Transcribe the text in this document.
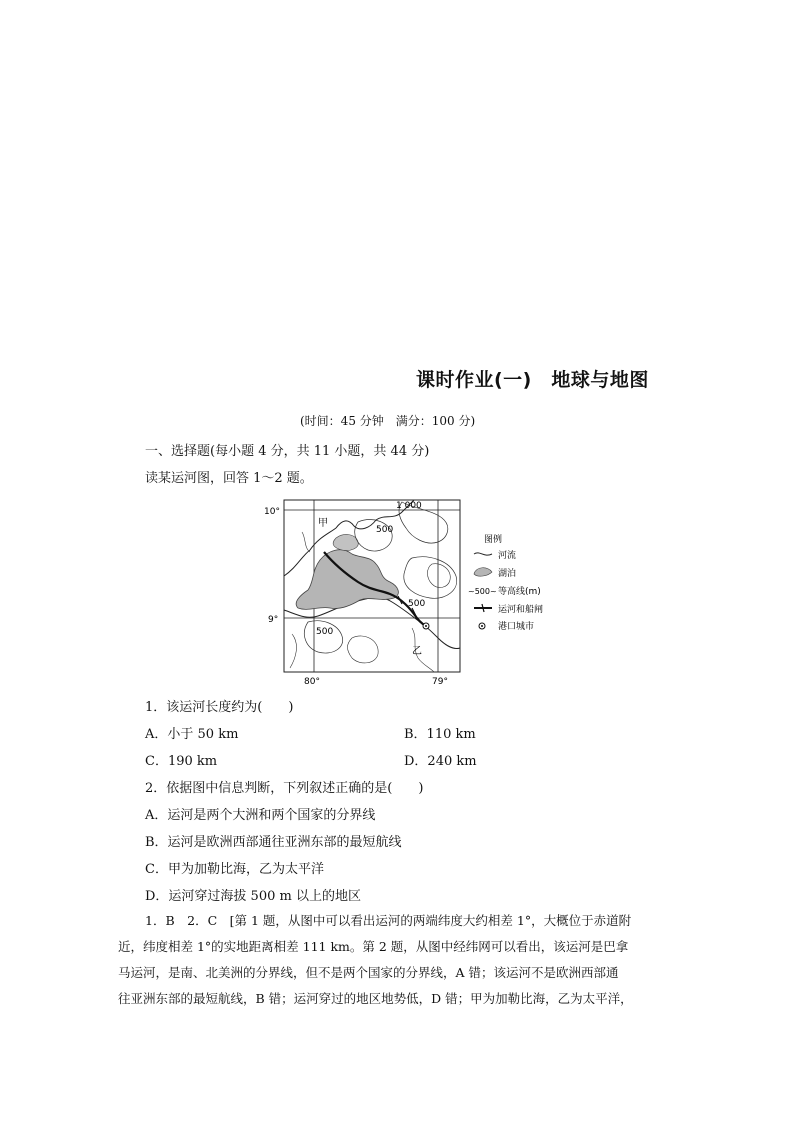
课时作业(一)　地球与地图
(时间：45 分钟　满分：100 分)
一、选择题(每小题 4 分，共 11 小题，共 44 分)
读某运河图，回答 1～2 题。
10°
9°
80°	79°
甲
乙
1 000
500
500
500
图例
河流
湖泊
~500~ 等高线(m)
运河和船闸
港口城市
1．该运河长度约为(　　)
A．小于 50 km	B．110 km
C．190 km	D．240 km
2．依据图中信息判断，下列叙述正确的是(　　)
A．运河是两个大洲和两个国家的分界线
B．运河是欧洲西部通往亚洲东部的最短航线
C．甲为加勒比海，乙为太平洋
D．运河穿过海拔 500 m 以上的地区
1．B　2．C　[第 1 题，从图中可以看出运河的两端纬度大约相差 1°，大概位于赤道附
近，纬度相差 1°的实地距离相差 111 km。第 2 题，从图中经纬网可以看出，该运河是巴拿
马运河，是南、北美洲的分界线，但不是两个国家的分界线，A 错；该运河不是欧洲西部通
往亚洲东部的最短航线，B 错；运河穿过的地区地势低，D 错；甲为加勒比海，乙为太平洋，
